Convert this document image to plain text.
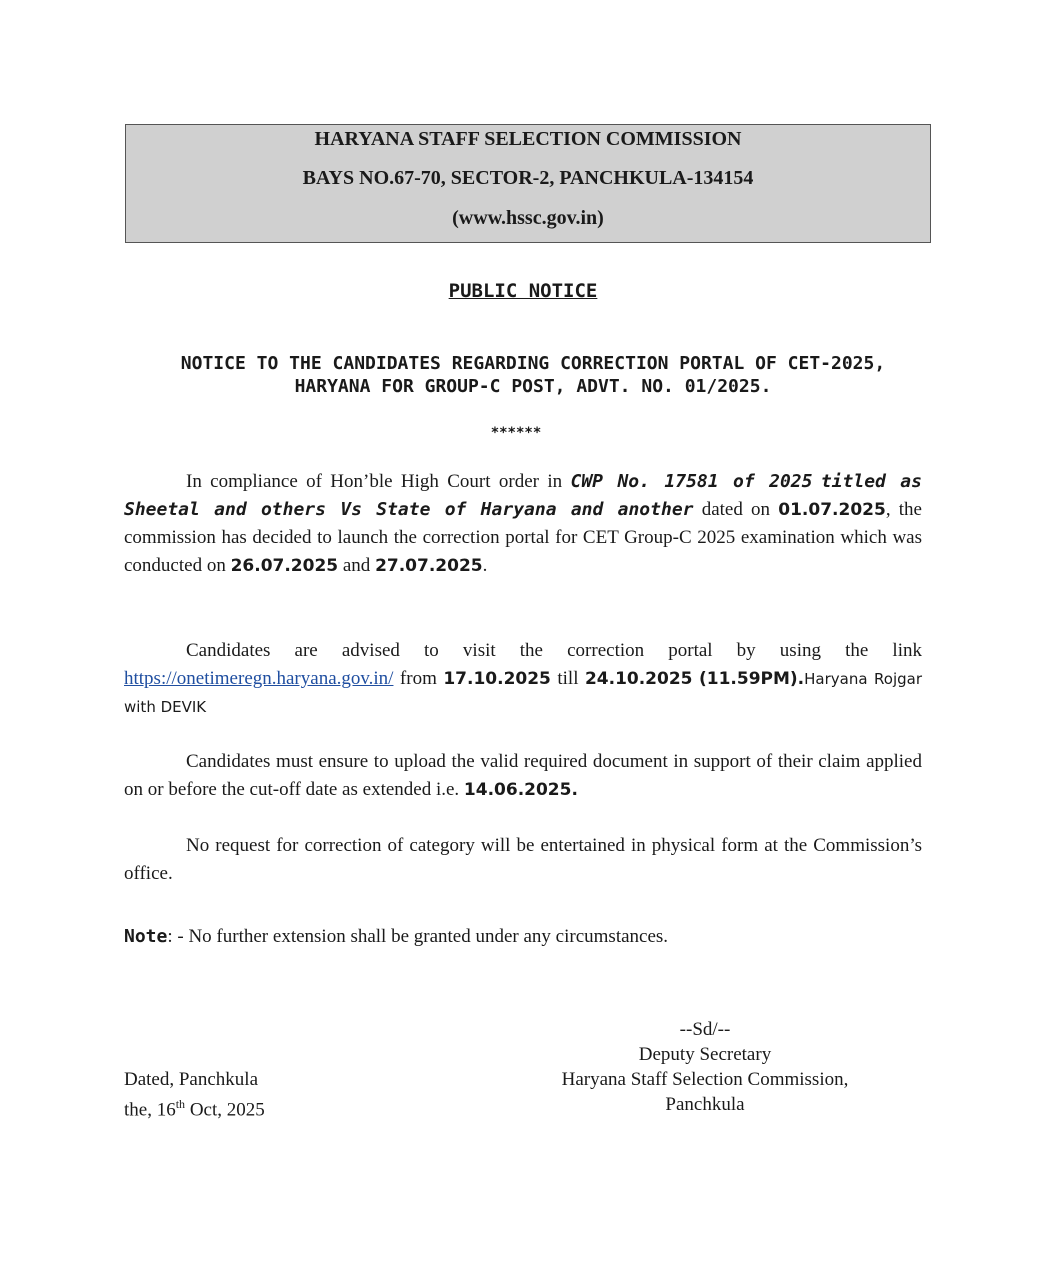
HARYANA STAFF SELECTION COMMISSION
BAYS NO.67-70, SECTOR-2, PANCHKULA-134154
(www.hssc.gov.in)
PUBLIC NOTICE
NOTICE TO THE CANDIDATES REGARDING CORRECTION PORTAL OF CET-2025,
HARYANA FOR GROUP-C POST, ADVT. NO. 01/2025.
******
In compliance of Hon’ble High Court order in CWP No. 17581 of 2025 titled as Sheetal and others Vs State of Haryana and another dated on 01.07.2025, the commission has decided to launch the correction portal for CET Group-C 2025 examination which was conducted on 26.07.2025 and 27.07.2025.
Candidates are advised to visit the correction portal by using the link https://onetimeregn.haryana.gov.in/ from 17.10.2025 till 24.10.2025 (11.59PM).Haryana Rojgar with DEVIK
Candidates must ensure to upload the valid required document in support of their claim applied on or before the cut-off date as extended i.e. 14.06.2025.
No request for correction of category will be entertained in physical form at the Commission’s office.
Note: - No further extension shall be granted under any circumstances.
--Sd/--
Deputy Secretary
Haryana Staff Selection Commission,
Panchkula
Dated, Panchkula
the, 16th Oct, 2025
